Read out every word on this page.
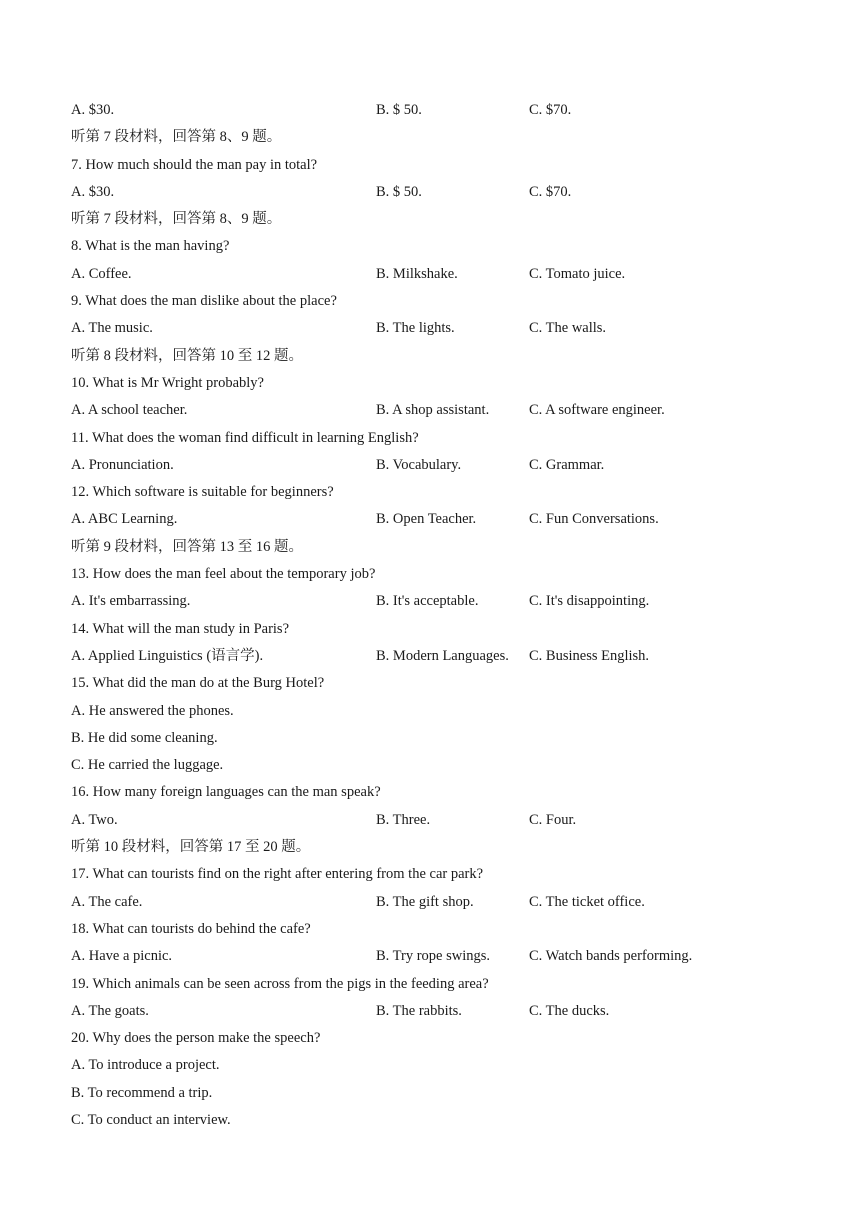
A. $30.	B. $ 50.	C. $70.
听第 7 段材料，回答第 8、9 题。
7. How much should the man pay in total?
A. $30.	B. $ 50.	C. $70.
听第 7 段材料，回答第 8、9 题。
8. What is the man having?
A. Coffee.	B. Milkshake.	C. Tomato juice.
9. What does the man dislike about the place?
A. The music.	B. The lights.	C. The walls.
听第 8 段材料，回答第 10 至 12 题。
10. What is Mr Wright probably?
A. A school teacher.	B. A shop assistant.	C. A software engineer.
11. What does the woman find difficult in learning English?
A. Pronunciation.	B. Vocabulary.	C. Grammar.
12. Which software is suitable for beginners?
A. ABC Learning.	B. Open Teacher.	C. Fun Conversations.
听第 9 段材料，回答第 13 至 16 题。
13. How does the man feel about the temporary job?
A. It's embarrassing.	B. It's acceptable.	C. It's disappointing.
14. What will the man study in Paris?
A. Applied Linguistics (语言学).	B. Modern Languages. C. Business English.
15. What did the man do at the Burg Hotel?
A. He answered the phones.
B. He did some cleaning.
C. He carried the luggage.
16. How many foreign languages can the man speak?
A. Two.	B. Three.	C. Four.
听第 10 段材料，回答第 17 至 20 题。
17. What can tourists find on the right after entering from the car park?
A. The cafe.	B. The gift shop.	C. The ticket office.
18. What can tourists do behind the cafe?
A. Have a picnic.	B. Try rope swings.	C. Watch bands performing.
19. Which animals can be seen across from the pigs in the feeding area?
A. The goats.	B. The rabbits.	C. The ducks.
20. Why does the person make the speech?
A. To introduce a project.
B. To recommend a trip.
C. To conduct an interview.
